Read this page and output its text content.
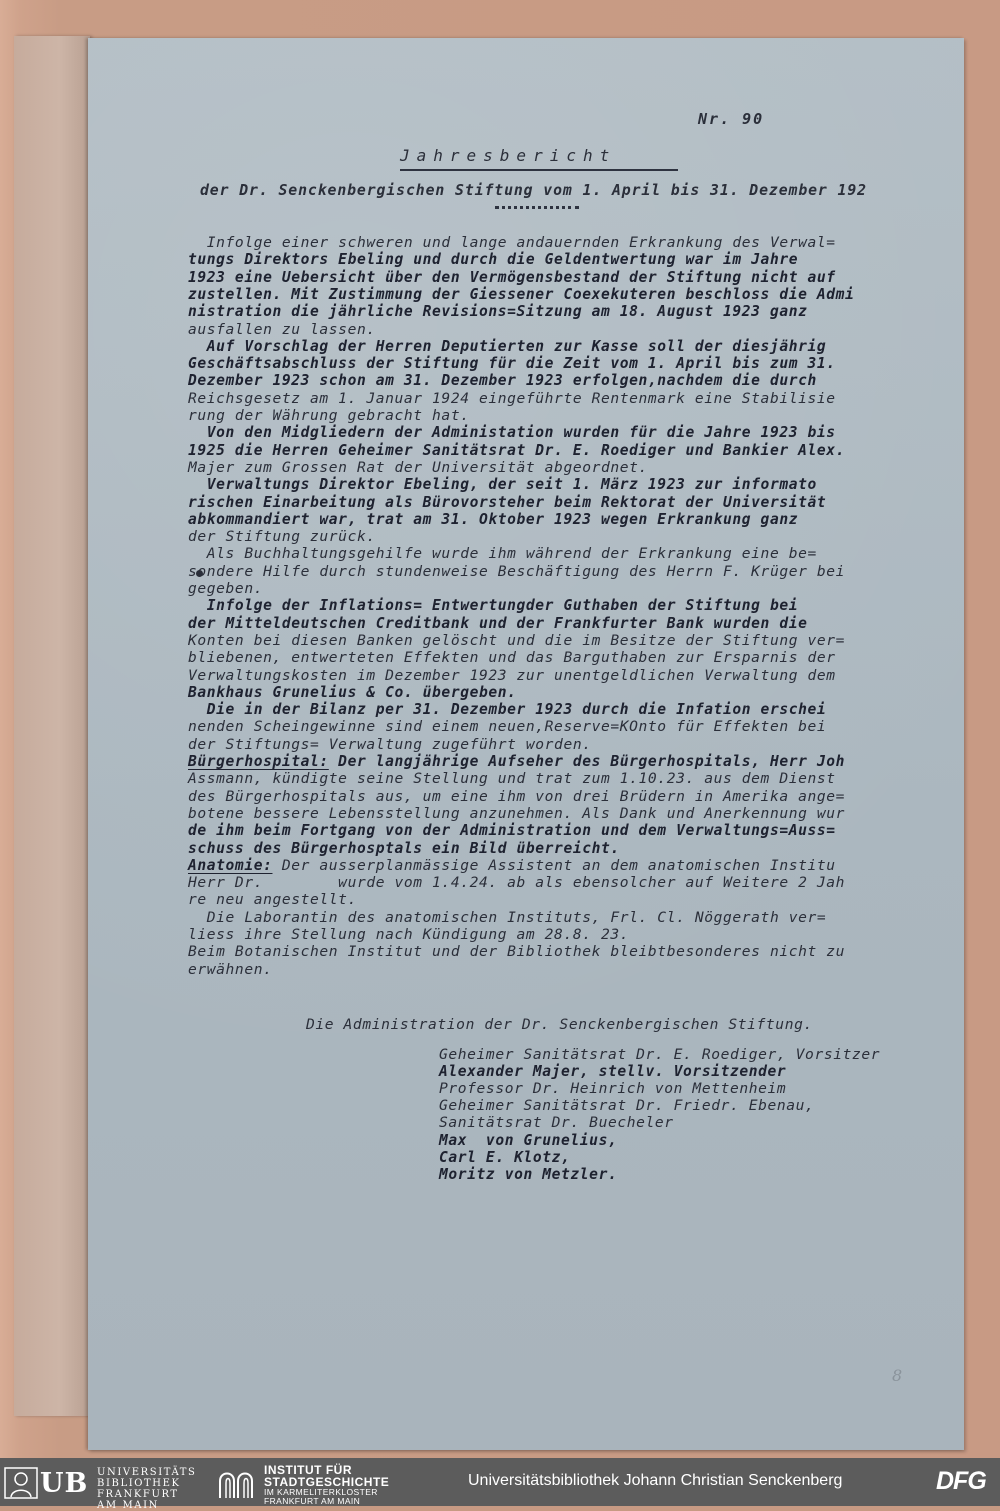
Nr. 90
Jahresbericht
der Dr. Senckenbergischen Stiftung vom 1. April bis 31. Dezember 192
Infolge einer schweren und lange andauernden Erkrankung des Verwal=
tungs Direktors Ebeling und durch die Geldentwertung war im Jahre
1923 eine Uebersicht über den Vermögensbestand der Stiftung nicht auf
zustellen. Mit Zustimmung der Giessener Coexekuteren beschloss die Admi
nistration die jährliche Revisions=Sitzung am 18. August 1923 ganz
ausfallen zu lassen.
Auf Vorschlag der Herren Deputierten zur Kasse soll der diesjährig
Geschäftsabschluss der Stiftung für die Zeit vom 1. April bis zum 31.
Dezember 1923 schon am 31. Dezember 1923 erfolgen,nachdem die durch
Reichsgesetz am 1. Januar 1924 eingeführte Rentenmark eine Stabilisie
rung der Währung gebracht hat.
Von den Midgliedern der Administation wurden für die Jahre 1923 bis
1925 die Herren Geheimer Sanitätsrat Dr. E. Roediger und Bankier Alex.
Majer zum Grossen Rat der Universität abgeordnet.
Verwaltungs Direktor Ebeling, der seit 1. März 1923 zur informato
rischen Einarbeitung als Bürovorsteher beim Rektorat der Universität
abkommandiert war, trat am 31. Oktober 1923 wegen Erkrankung ganz
der Stiftung zurück.
Als Buchhaltungsgehilfe wurde ihm während der Erkrankung eine be=
sondere Hilfe durch stundenweise Beschäftigung des Herrn F. Krüger bei
gegeben.
Infolge der Inflations= Entwertungder Guthaben der Stiftung bei
der Mitteldeutschen Creditbank und der Frankfurter Bank wurden die
Konten bei diesen Banken gelöscht und die im Besitze der Stiftung ver=
bliebenen, entwerteten Effekten und das Barguthaben zur Ersparnis der
Verwaltungskosten im Dezember 1923 zur unentgeldlichen Verwaltung dem
Bankhaus Grunelius & Co. übergeben.
Die in der Bilanz per 31. Dezember 1923 durch die Infation erschei
nenden Scheingewinne sind einem neuen,Reserve=KOnto für Effekten bei
der Stiftungs= Verwaltung zugeführt worden.
Bürgerhospital: Der langjährige Aufseher des Bürgerhospitals, Herr Joh
Assmann, kündigte seine Stellung und trat zum 1.10.23. aus dem Dienst
des Bürgerhospitals aus, um eine ihm von drei Brüdern in Amerika ange=
botene bessere Lebensstellung anzunehmen. Als Dank und Anerkennung wur
de ihm beim Fortgang von der Administration und dem Verwaltungs=Auss=
schuss des Bürgerhosptals ein Bild überreicht.
Anatomie: Der ausserplanmässige Assistent an dem anatomischen Institu
Herr Dr.        wurde vom 1.4.24. ab als ebensolcher auf Weitere 2 Jah
re neu angestellt.
Die Laborantin des anatomischen Instituts, Frl. Cl. Nöggerath ver=
liess ihre Stellung nach Kündigung am 28.8. 23.
Beim Botanischen Institut und der Bibliothek bleibtbesonderes nicht zu
erwähnen.
Die Administration der Dr. Senckenbergischen Stiftung.
Geheimer Sanitätsrat Dr. E. Roediger, Vorsitzer
Alexander Majer, stellv. Vorsitzender
Professor Dr. Heinrich von Mettenheim
Geheimer Sanitätsrat Dr. Friedr. Ebenau,
Sanitätsrat Dr. Buecheler
Max  von Grunelius,
Carl E. Klotz,
Moritz von Metzler.
8
UB UNIVERSITÄTS
BIBLIOTHEK
FRANKFURT AM MAIN
INSTITUT FÜR
STADTGESCHICHTE
IM KARMELITERKLOSTER
FRANKFURT AM MAIN
Universitätsbibliothek Johann Christian Senckenberg	DFG
